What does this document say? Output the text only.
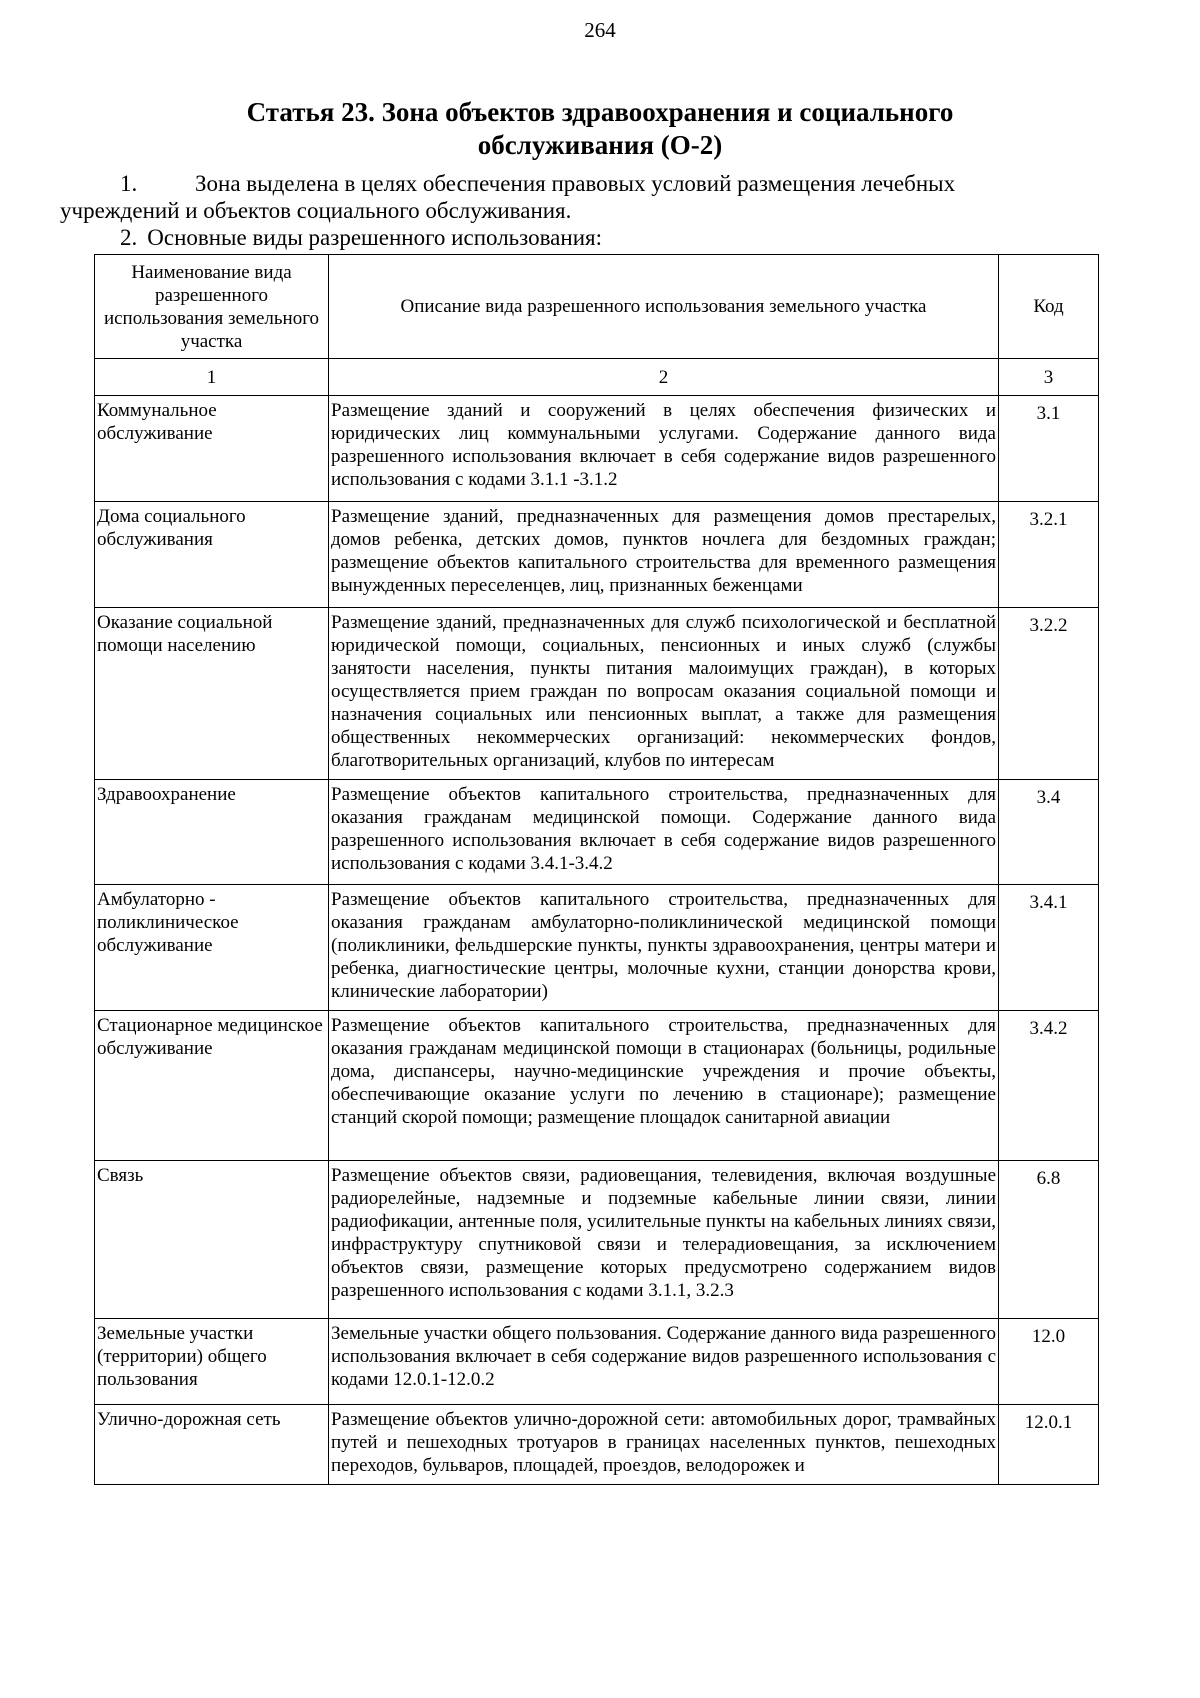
264
Статья 23. Зона объектов здравоохранения и социального
обслуживания (О-2)
1.	Зона выделена в целях обеспечения правовых условий размещения лечебных
учреждений и объектов социального обслуживания.
2. Основные виды разрешенного использования:
Наименование вида разрешенного использования земельного участка	Описание вида разрешенного использования земельного участка	Код
1	2	3
Коммунальное обслуживание	Размещение зданий и сооружений в целях обеспечения физических и юридических лиц коммунальными услугами. Содержание данного вида разрешенного использования включает в себя содержание видов разрешенного использования с кодами 3.1.1 -3.1.2	3.1
Дома социального обслуживания	Размещение зданий, предназначенных для размещения домов престарелых, домов ребенка, детских домов, пунктов ночлега для бездомных граждан; размещение объектов капитального строительства для временного размещения вынужденных переселенцев, лиц, признанных беженцами	3.2.1
Оказание социальной помощи населению	Размещение зданий, предназначенных для служб психологической и бесплатной юридической помощи, социальных, пенсионных и иных служб (службы занятости населения, пункты питания малоимущих граждан), в которых осуществляется прием граждан по вопросам оказания социальной помощи и назначения социальных или пенсионных выплат, а также для размещения общественных некоммерческих организаций: некоммерческих фондов, благотворительных организаций, клубов по интересам	3.2.2
Здравоохранение	Размещение объектов капитального строительства, предназначенных для оказания гражданам медицинской помощи. Содержание данного вида разрешенного использования включает в себя содержание видов разрешенного использования с кодами 3.4.1-3.4.2	3.4
Амбулаторно - поликлиническое обслуживание	Размещение объектов капитального строительства, предназначенных для оказания гражданам амбулаторно-поликлинической медицинской помощи (поликлиники, фельдшерские пункты, пункты здравоохранения, центры матери и ребенка, диагностические центры, молочные кухни, станции донорства крови, клинические лаборатории)	3.4.1
Стационарное медицинское обслуживание	Размещение объектов капитального строительства, предназначенных для оказания гражданам медицинской помощи в стационарах (больницы, родильные дома, диспансеры, научно-медицинские учреждения и прочие объекты, обеспечивающие оказание услуги по лечению в стационаре); размещение станций скорой помощи; размещение площадок санитарной авиации	3.4.2
Связь	Размещение объектов связи, радиовещания, телевидения, включая воздушные радиорелейные, надземные и подземные кабельные линии связи, линии радиофикации, антенные поля, усилительные пункты на кабельных линиях связи, инфраструктуру спутниковой связи и телерадиовещания, за исключением объектов связи, размещение которых предусмотрено содержанием видов разрешенного использования с кодами 3.1.1, 3.2.3	6.8
Земельные участки (территории) общего пользования	Земельные участки общего пользования. Содержание данного вида разрешенного использования включает в себя содержание видов разрешенного использования с кодами 12.0.1-12.0.2	12.0
Улично-дорожная сеть	Размещение объектов улично-дорожной сети: автомобильных дорог, трамвайных путей и пешеходных тротуаров в границах населенных пунктов, пешеходных переходов, бульваров, площадей, проездов, велодорожек и	12.0.1
